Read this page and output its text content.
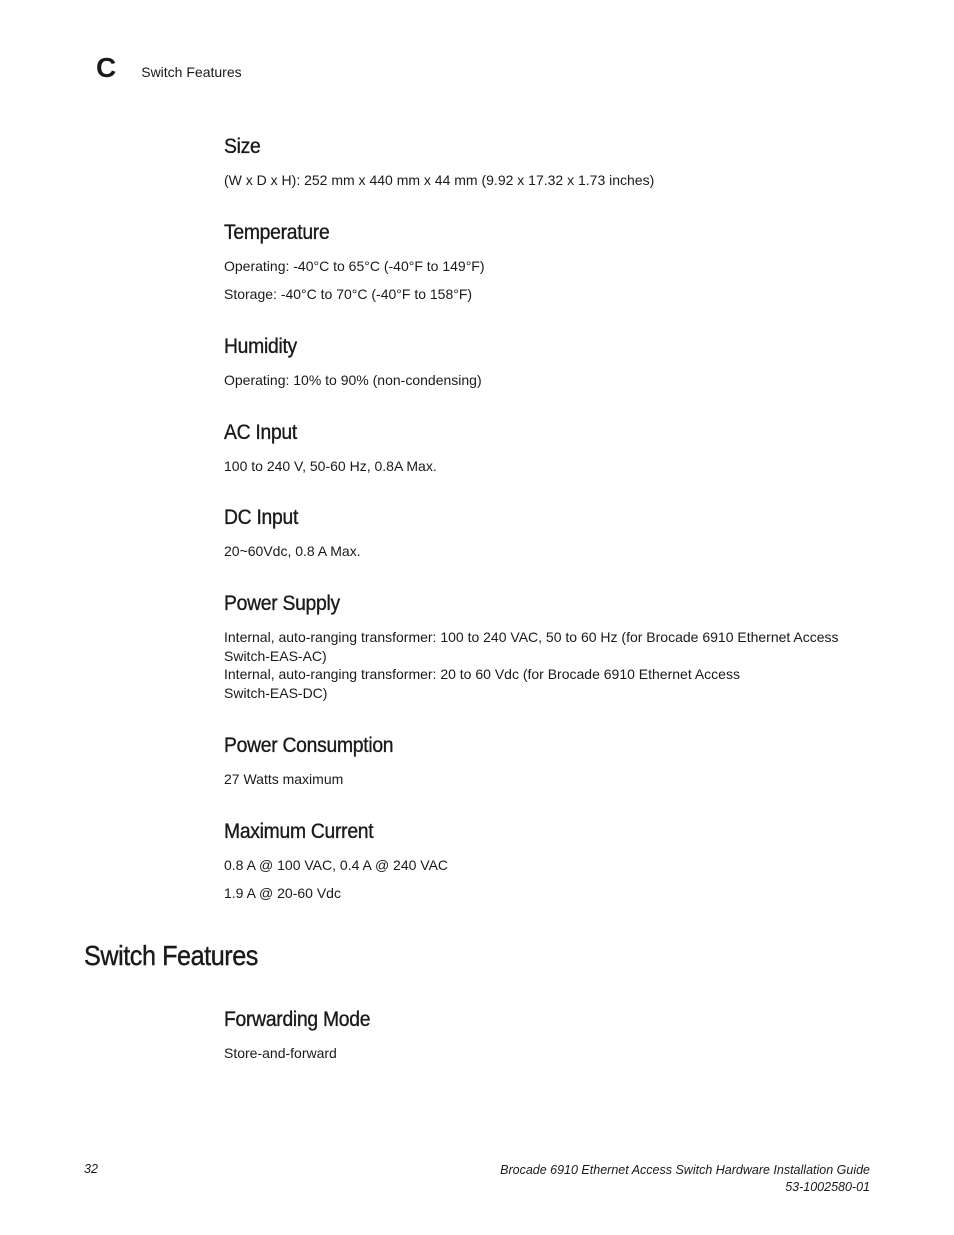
C Switch Features
Size

(W x D x H): 252 mm x 440 mm x 44 mm (9.92 x 17.32 x 1.73 inches)

Temperature

Operating: -40°C to 65°C (-40°F to 149°F)

Storage: -40°C to 70°C (-40°F to 158°F)

Humidity

Operating: 10% to 90% (non-condensing)

AC Input

100 to 240 V, 50-60 Hz, 0.8A Max.

DC Input

20~60Vdc, 0.8 A Max.

Power Supply

Internal, auto-ranging transformer: 100 to 240 VAC, 50 to 60 Hz (for Brocade 6910 Ethernet Access

Switch-EAS-AC)

Internal, auto-ranging transformer: 20 to 60 Vdc (for Brocade 6910 Ethernet Access

Switch-EAS-DC)

Power Consumption

27 Watts maximum

Maximum Current

0.8 A @ 100 VAC, 0.4 A @ 240 VAC

1.9 A @ 20-60 Vdc

Switch Features
Forwarding Mode

Store-and-forward

32	Brocade 6910 Ethernet Access Switch Hardware Installation Guide
53-1002580-01
